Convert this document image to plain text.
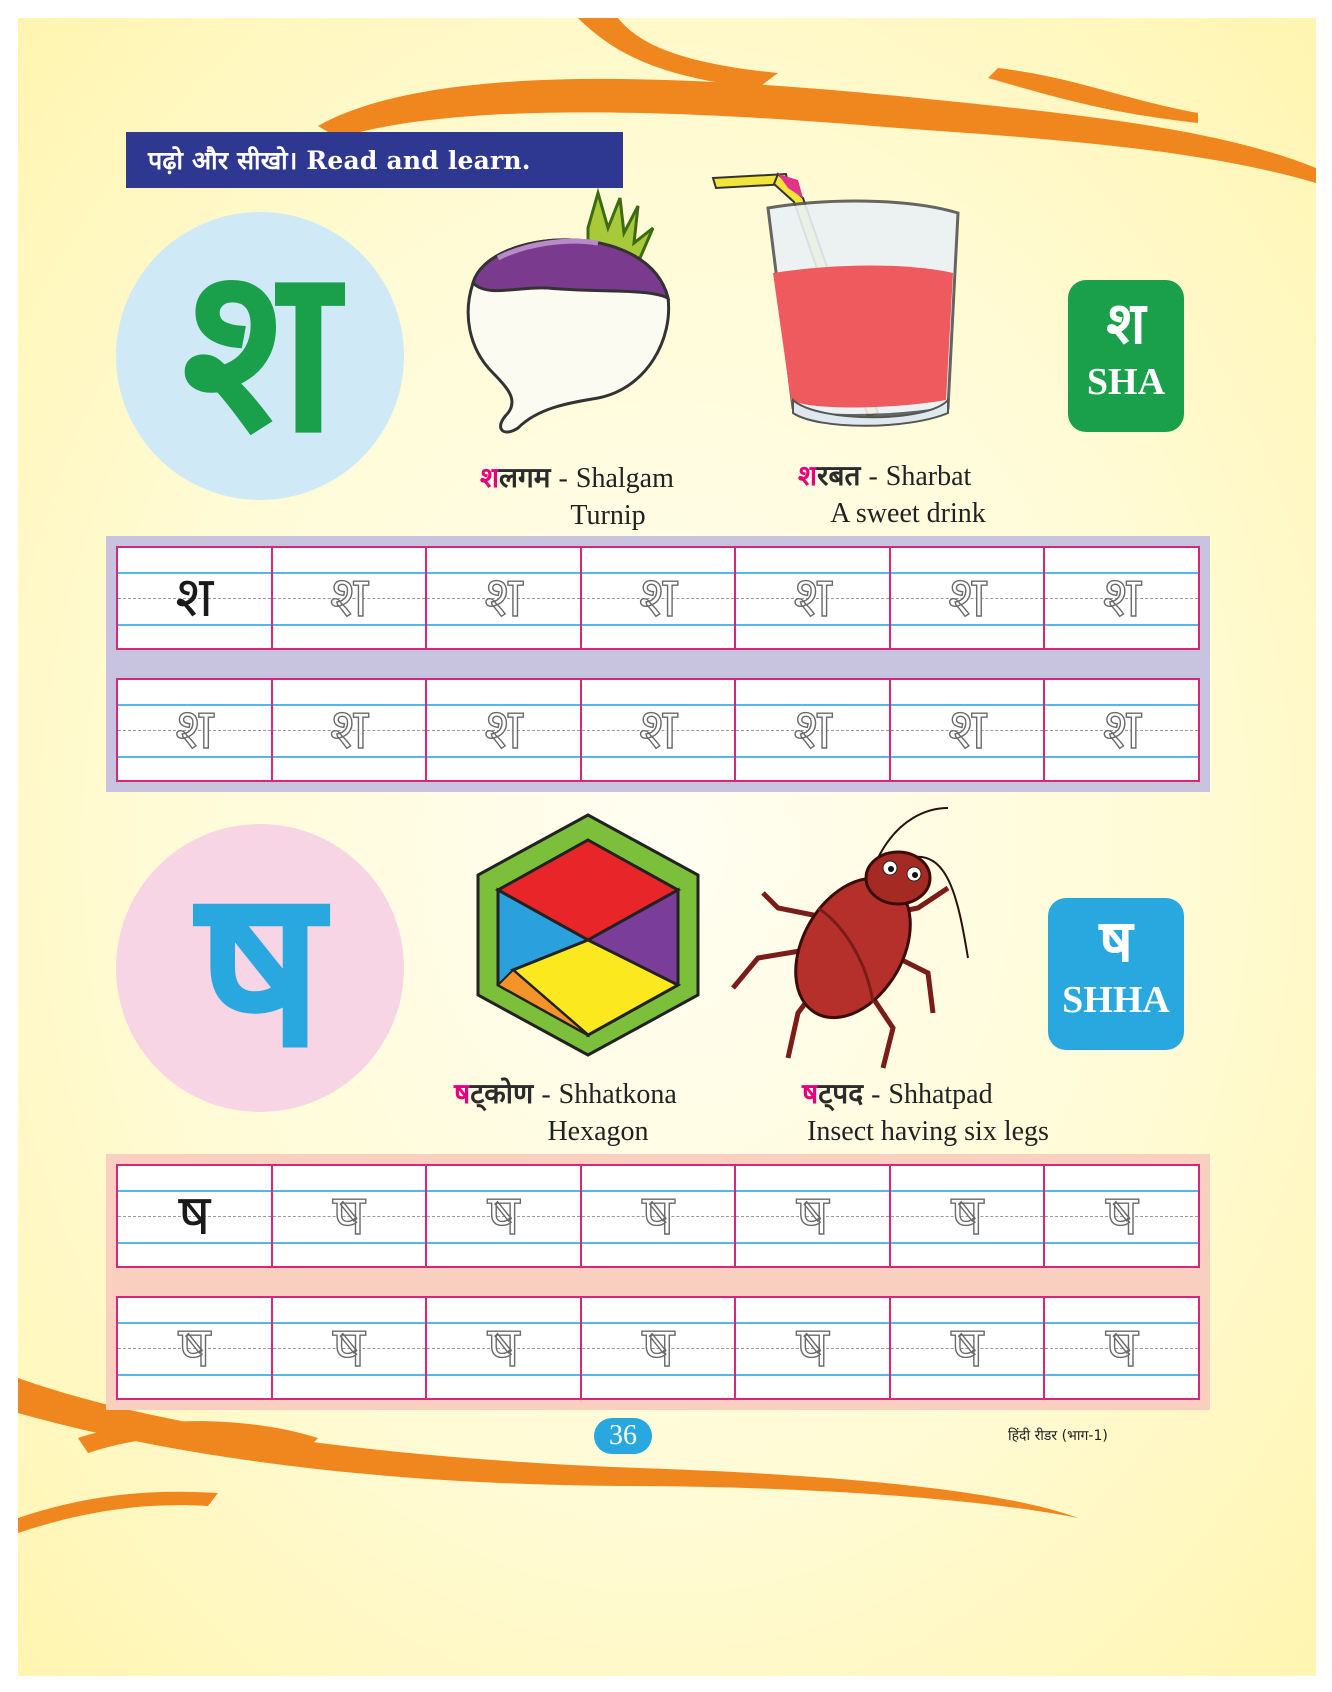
पढ़ो और सीखो। Read and learn.
श	श
SHA
शलगम - Shalgam
Turnip
शरबत - Sharbat
A sweet drink
श	श	श	श	श	श	श
श	श	श	श	श	श	श
ष	ष
SHHA
षट्कोण - Shhatkona
Hexagon
षट्पद - Shhatpad
Insect having six legs
ष	ष	ष	ष	ष	ष	ष
ष	ष	ष	ष	ष	ष	ष
36	हिंदी रीडर (भाग-1)
